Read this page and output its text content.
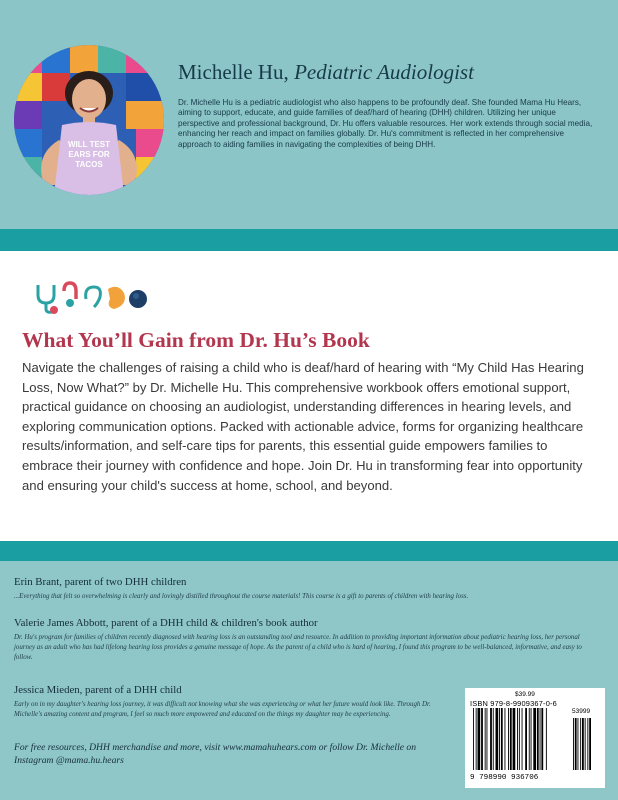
WILL TEST
EARS FOR
TACOS
Michelle Hu, Pediatric Audiologist
Dr. Michelle Hu is a pediatric audiologist who also happens to be profoundly deaf. She founded Mama Hu Hears, aiming to support, educate, and guide families of deaf/hard of hearing (DHH) children. Utilizing her unique perspective and professional background, Dr. Hu offers valuable resources. Her work extends through social media, enhancing her reach and impact on families globally. Dr. Hu's commitment is reflected in her comprehensive approach to aiding families in navigating the complexities of being DHH.
What You’ll Gain from Dr. Hu’s Book
Navigate the challenges of raising a child who is deaf/hard of hearing with “My Child Has Hearing Loss, Now What?” by Dr. Michelle Hu. This comprehensive workbook offers emotional support, practical guidance on choosing an audiologist, understanding differences in hearing levels, and exploring communication options. Packed with actionable advice, forms for organizing healthcare results/information, and self-care tips for parents, this essential guide empowers families to embrace their journey with confidence and hope. Join Dr. Hu in transforming fear into opportunity and ensuring your child's success at home, school, and beyond.
Erin Brant, parent of two DHH children
...Everything that felt so overwhelming is clearly and lovingly distilled throughout the course materials! This course is a gift to parents of children with hearing loss.
Valerie James Abbott, parent of a DHH child & children's book author
Dr. Hu's program for families of children recently diagnosed with hearing loss is an outstanding tool and resource. In addition to providing important information about pediatric hearing loss, her personal journey as an adult who has had lifelong hearing loss provides a genuine message of hope. As the parent of a child who is hard of hearing, I found this program to be well-balanced, informative, and easy to follow.
Jessica Mieden, parent of a DHH child
Early on in my daughter's hearing loss journey, it was difficult not knowing what she was experiencing or what her future would look like. Through Dr. Michelle's amazing content and program, I feel so much more empowered and educated on the things my daughter may be experiencing.
For free resources, DHH merchandise and more, visit www.mamahuhears.com or follow Dr. Michelle on Instagram @mama.hu.hears
$39.99
ISBN 979-8-9909367-0-6
53999
9 798990 936706
